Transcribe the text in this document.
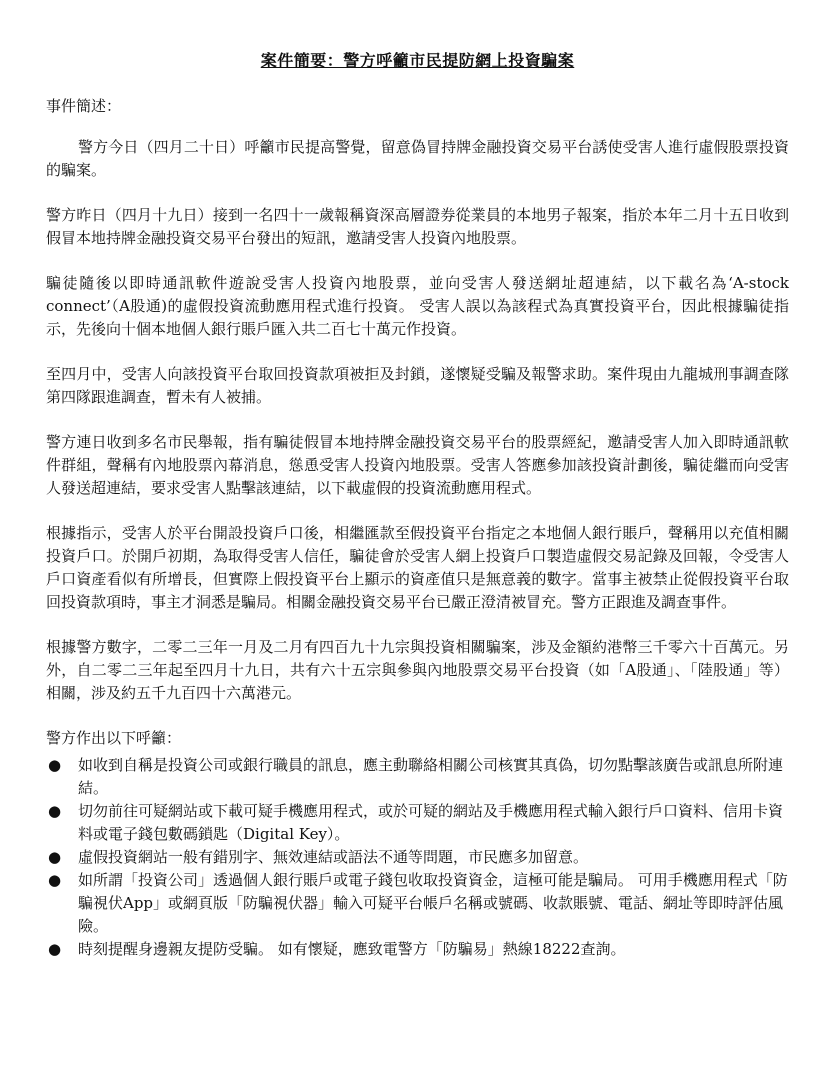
案件簡要：警方呼籲市民提防網上投資騙案
事件簡述：

警方今日（四月二十日）呼籲市民提高警覺，留意偽冒持牌金融投資交易平台誘使受害人進行虛假股票投資的騙案。

警方昨日（四月十九日）接到一名四十一歲報稱資深高層證券從業員的本地男子報案，指於本年二月十五日收到假冒本地持牌金融投資交易平台發出的短訊，邀請受害人投資內地股票。

騙徒隨後以即時通訊軟件遊說受害人投資內地股票，並向受害人發送網址超連結，以下載名為‘A-stock connect’（A股通)的虛假投資流動應用程式進行投資。 受害人誤以為該程式為真實投資平台，因此根據騙徒指示，先後向十個本地個人銀行賬戶匯入共二百七十萬元作投資。

至四月中，受害人向該投資平台取回投資款項被拒及封鎖，遂懷疑受騙及報警求助。案件現由九龍城刑事調查隊第四隊跟進調查，暫未有人被捕。

警方連日收到多名市民舉報，指有騙徒假冒本地持牌金融投資交易平台的股票經紀，邀請受害人加入即時通訊軟件群組，聲稱有內地股票內幕消息，慫恿受害人投資內地股票。受害人答應參加該投資計劃後，騙徒繼而向受害人發送超連結，要求受害人點擊該連結，以下載虛假的投資流動應用程式。

根據指示，受害人於平台開設投資戶口後，相繼匯款至假投資平台指定之本地個人銀行賬戶，聲稱用以充值相關投資戶口。於開戶初期，為取得受害人信任，騙徒會於受害人網上投資戶口製造虛假交易記錄及回報，令受害人戶口資產看似有所增長，但實際上假投資平台上顯示的資產值只是無意義的數字。當事主被禁止從假投資平台取回投資款項時，事主才洞悉是騙局。相關金融投資交易平台已嚴正澄清被冒充。警方正跟進及調查事件。

根據警方數字，二零二三年一月及二月有四百九十九宗與投資相關騙案，涉及金額約港幣三千零六十百萬元。另外，自二零二三年起至四月十九日，共有六十五宗與參與內地股票交易平台投資（如「A股通」、「陸股通」等）相關，涉及約五千九百四十六萬港元。

警方作出以下呼籲：
● 如收到自稱是投資公司或銀行職員的訊息，應主動聯絡相關公司核實其真偽，切勿點擊該廣告或訊息所附連結。
● 切勿前往可疑網站或下載可疑手機應用程式，或於可疑的網站及手機應用程式輸入銀行戶口資料、信用卡資料或電子錢包數碼鎖匙（Digital Key）。
● 虛假投資網站一般有錯別字、無效連結或語法不通等問題，市民應多加留意。
● 如所謂「投資公司」透過個人銀行賬戶或電子錢包收取投資資金，這極可能是騙局。 可用手機應用程式「防騙視伏App」或網頁版「防騙視伏器」輸入可疑平台帳戶名稱或號碼、收款賬號、電話、網址等即時評估風險。
● 時刻提醒身邊親友提防受騙。 如有懷疑，應致電警方「防騙易」熱線18222查詢。
